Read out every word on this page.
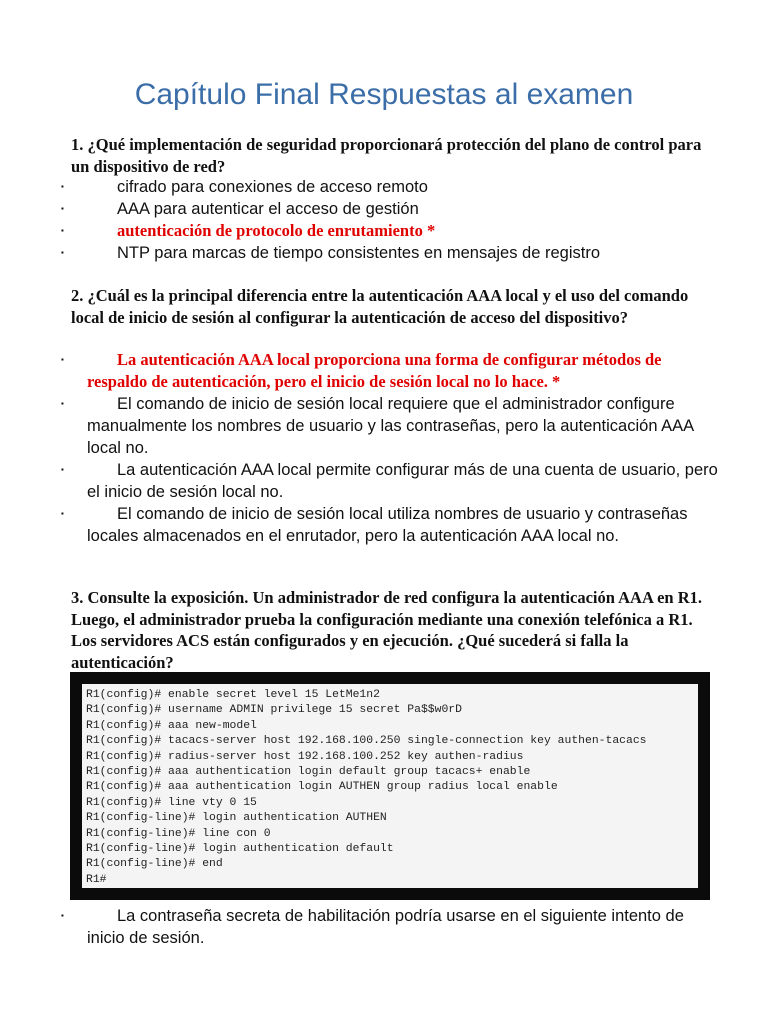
Capítulo Final Respuestas al examen

1. ¿Qué implementación de seguridad proporcionará protección del plano de control para un dispositivo de red?

▪	cifrado para conexiones de acceso remoto
▪	AAA para autenticar el acceso de gestión
▪	autenticación de protocolo de enrutamiento *
▪	NTP para marcas de tiempo consistentes en mensajes de registro

2. ¿Cuál es la principal diferencia entre la autenticación AAA local y el uso del comando local de inicio de sesión al configurar la autenticación de acceso del dispositivo?

▪	La autenticación AAA local proporciona una forma de configurar métodos de respaldo de autenticación, pero el inicio de sesión local no lo hace. *
▪	El comando de inicio de sesión local requiere que el administrador configure manualmente los nombres de usuario y las contraseñas, pero la autenticación AAA local no.
▪	La autenticación AAA local permite configurar más de una cuenta de usuario, pero el inicio de sesión local no.
▪	El comando de inicio de sesión local utiliza nombres de usuario y contraseñas locales almacenados en el enrutador, pero la autenticación AAA local no.

3. Consulte la exposición. Un administrador de red configura la autenticación AAA en R1. Luego, el administrador prueba la configuración mediante una conexión telefónica a R1. Los servidores ACS están configurados y en ejecución. ¿Qué sucederá si falla la autenticación?

R1(config)# enable secret level 15 LetMe1n2
R1(config)# username ADMIN privilege 15 secret Pa$$w0rD
R1(config)# aaa new-model
R1(config)# tacacs-server host 192.168.100.250 single-connection key authen-tacacs
R1(config)# radius-server host 192.168.100.252 key authen-radius
R1(config)# aaa authentication login default group tacacs+ enable
R1(config)# aaa authentication login AUTHEN group radius local enable
R1(config)# line vty 0 15
R1(config-line)# login authentication AUTHEN
R1(config-line)# line con 0
R1(config-line)# login authentication default
R1(config-line)# end
R1#
▪	La contraseña secreta de habilitación podría usarse en el siguiente intento de inicio de sesión.
